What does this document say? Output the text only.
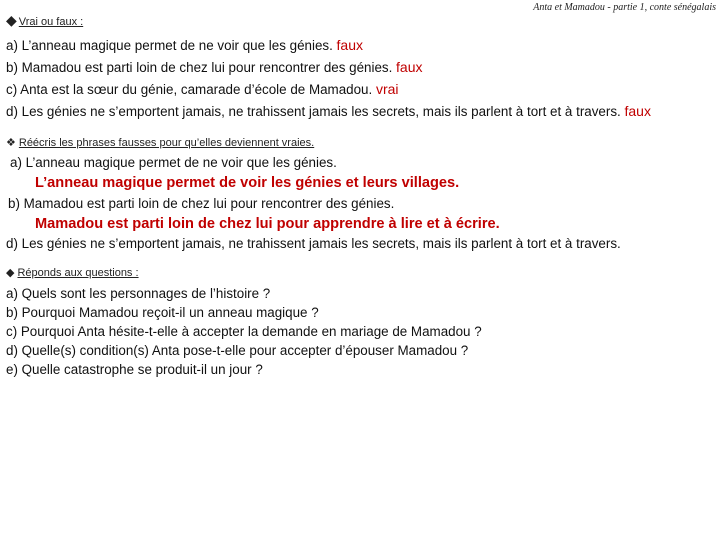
Anta et Mamadou - partie 1, conte sénégalais
◆ Vrai ou faux :
a) L’anneau magique permet de ne voir que les génies. faux
b) Mamadou est parti loin de chez lui pour rencontrer des génies. faux
c) Anta est la sœur du génie, camarade d’école de Mamadou. vrai
d) Les génies ne s’emportent jamais, ne trahissent jamais les secrets, mais ils parlent à tort et à travers. faux
❖ Réécris les phrases fausses pour qu’elles deviennent vraies.
a) L’anneau magique permet de ne voir que les génies.
L’anneau magique permet de voir les génies et leurs villages.
b) Mamadou est parti loin de chez lui pour rencontrer des génies.
Mamadou est parti loin de chez lui pour apprendre à lire et à écrire.
d) Les génies ne s’emportent jamais, ne trahissent jamais les secrets, mais ils parlent à tort et à travers.
◆ Réponds aux questions :
a) Quels sont les personnages de l’histoire ?
b) Pourquoi Mamadou reçoit-il un anneau magique ?
c) Pourquoi Anta hésite-t-elle à accepter la demande en mariage de Mamadou ?
d) Quelle(s) condition(s) Anta pose-t-elle pour accepter d’épouser Mamadou ?
e) Quelle catastrophe se produit-il un jour ?
